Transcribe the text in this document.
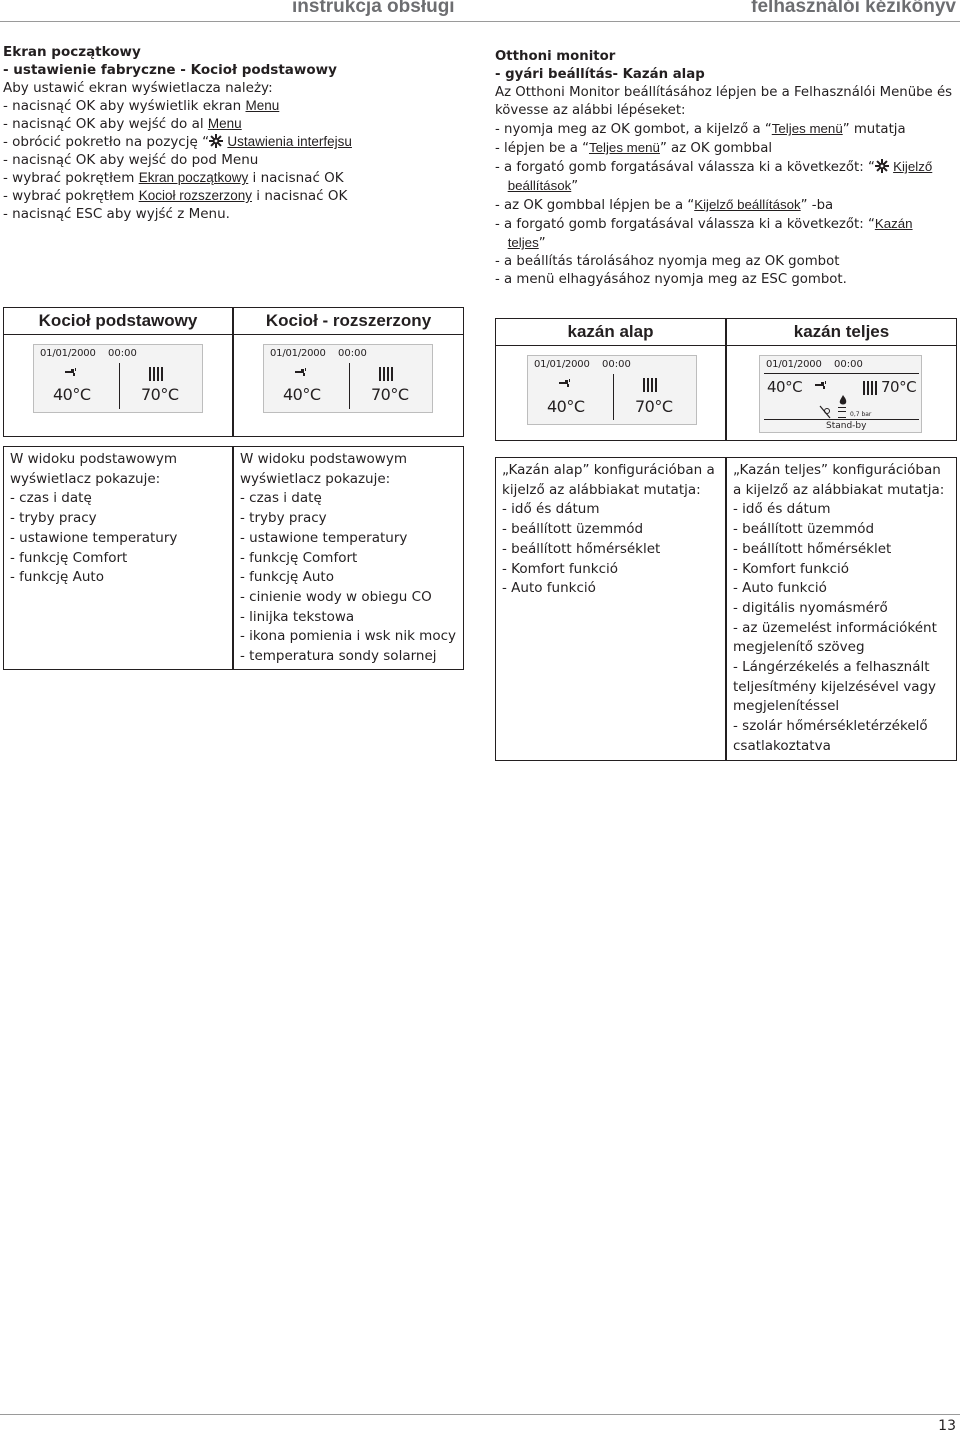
instrukcja obsługi	felhasználói kézikönyv
Ekran początkowy
- ustawienie fabryczne - Kocioł podstawowy
Aby ustawić ekran wyświetlacza należy:
- nacisnąć OK aby wyświetlik ekran Menu
- nacisnąć OK aby wejść do al Menu
- obrócić pokretło na pozycję “ Ustawienia interfejsu
- nacisnąć OK aby wejść do pod Menu
- wybrać pokrętłem Ekran początkowy i nacisnać OK
- wybrać pokrętłem Kocioł rozszerzony i nacisnać OK
- nacisnąć ESC aby wyjść z Menu.
Otthoni monitor
- gyári beállítás- Kazán alap
Az Otthoni Monitor beállításához lépjen be a Felhasználói Menübe és
kövesse az alábbi lépéseket:
- nyomja meg az OK gombot, a kijelző a “Teljes menü” mutatja
- lépjen be a “Teljes menü” az OK gombbal
- a forgató gomb forgatásával válassza ki a következőt: “ Kijelző
beállítások”
- az OK gombbal lépjen be a “Kijelző beállítások” -ba
- a forgató gomb forgatásával válassza ki a következőt: “Kazán
teljes”
- a beállítás tárolásához nyomja meg az OK gombot
- a menü elhagyásához nyomja meg az ESC gombot.
Kocioł podstawowy	Kocioł - rozszerzony
kazán alap	kazán teljes
01/01/2000 00:00
40°C	70°C
01/01/2000 00:00
40°C	70°C
01/01/2000 00:00
40°C	70°C
01/01/2000 00:00
40°C	70°C
0,7 bar
Stand-by
W widoku podstawowym
wyświetlacz pokazuje:
- czas i datę
- tryby pracy
- ustawione temperatury
- funkcję Comfort
- funkcję Auto
W widoku podstawowym
wyświetlacz pokazuje:
- czas i datę
- tryby pracy
- ustawione temperatury
- funkcję Comfort
- funkcję Auto
- cinienie wody w obiegu CO
- linijka tekstowa
- ikona pomienia i wsk nik mocy
- temperatura sondy solarnej
„Kazán alap” konfigurációban a
kijelző az alábbiakat mutatja:
- idő és dátum
- beállított üzemmód
- beállított hőmérséklet
- Komfort funkció
- Auto funkció
„Kazán teljes” konfigurációban
a kijelző az alábbiakat mutatja:
- idő és dátum
- beállított üzemmód
- beállított hőmérséklet
- Komfort funkció
- Auto funkció
- digitális nyomásmérő
- az üzemelést információként
megjelenítő szöveg
- Lángérzékelés a felhasznált
teljesítmény kijelzésével vagy
megjelenítéssel
- szolár hőmérsékletérzékelő
csatlakoztatva
13
